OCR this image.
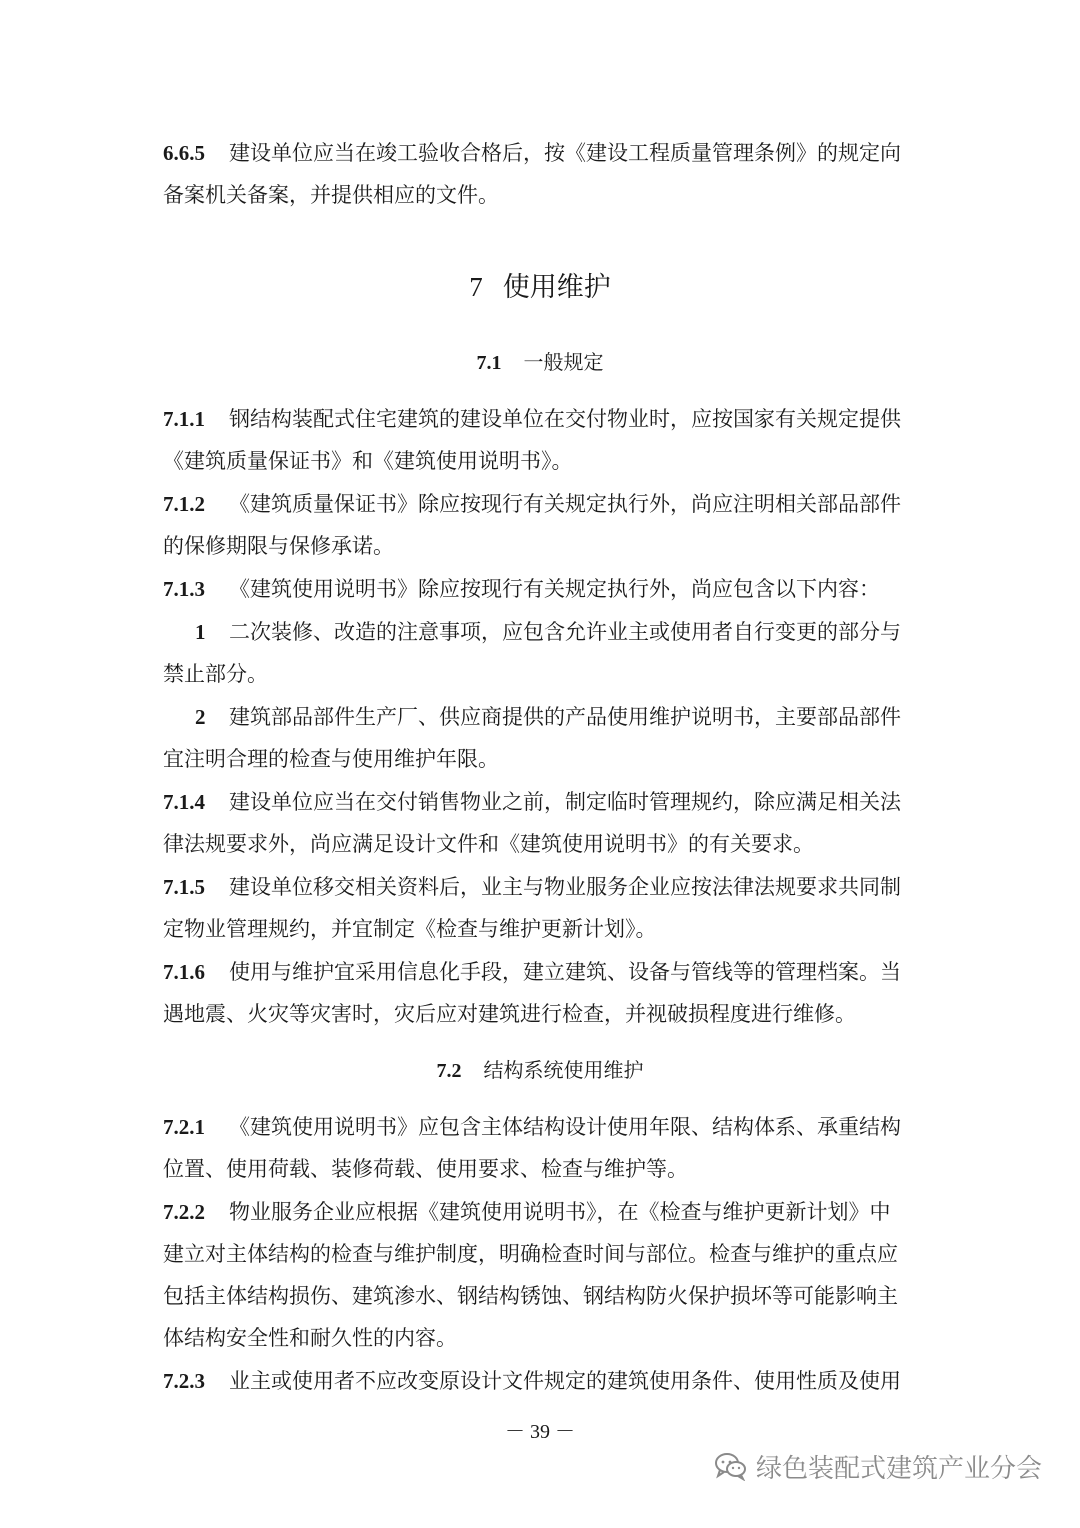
6.6.5 建设单位应当在竣工验收合格后，按《建设工程质量管理条例》的规定向
备案机关备案，并提供相应的文件。
7 使用维护
7.1 一般规定
7.1.1 钢结构装配式住宅建筑的建设单位在交付物业时，应按国家有关规定提供
《建筑质量保证书》和《建筑使用说明书》。
7.1.2 《建筑质量保证书》除应按现行有关规定执行外，尚应注明相关部品部件
的保修期限与保修承诺。
7.1.3 《建筑使用说明书》除应按现行有关规定执行外，尚应包含以下内容：
1 二次装修、改造的注意事项，应包含允许业主或使用者自行变更的部分与
禁止部分。
2 建筑部品部件生产厂、供应商提供的产品使用维护说明书，主要部品部件
宜注明合理的检查与使用维护年限。
7.1.4 建设单位应当在交付销售物业之前，制定临时管理规约，除应满足相关法
律法规要求外，尚应满足设计文件和《建筑使用说明书》的有关要求。
7.1.5 建设单位移交相关资料后，业主与物业服务企业应按法律法规要求共同制
定物业管理规约，并宜制定《检查与维护更新计划》。
7.1.6 使用与维护宜采用信息化手段，建立建筑、设备与管线等的管理档案。当
遇地震、火灾等灾害时，灾后应对建筑进行检查，并视破损程度进行维修。
7.2 结构系统使用维护
7.2.1 《建筑使用说明书》应包含主体结构设计使用年限、结构体系、承重结构
位置、使用荷载、装修荷载、使用要求、检查与维护等。
7.2.2 物业服务企业应根据《建筑使用说明书》，在《检查与维护更新计划》中
建立对主体结构的检查与维护制度，明确检查时间与部位。检查与维护的重点应
包括主体结构损伤、建筑渗水、钢结构锈蚀、钢结构防火保护损坏等可能影响主
体结构安全性和耐久性的内容。
7.2.3 业主或使用者不应改变原设计文件规定的建筑使用条件、使用性质及使用
－ 39 －
绿色装配式建筑产业分会
